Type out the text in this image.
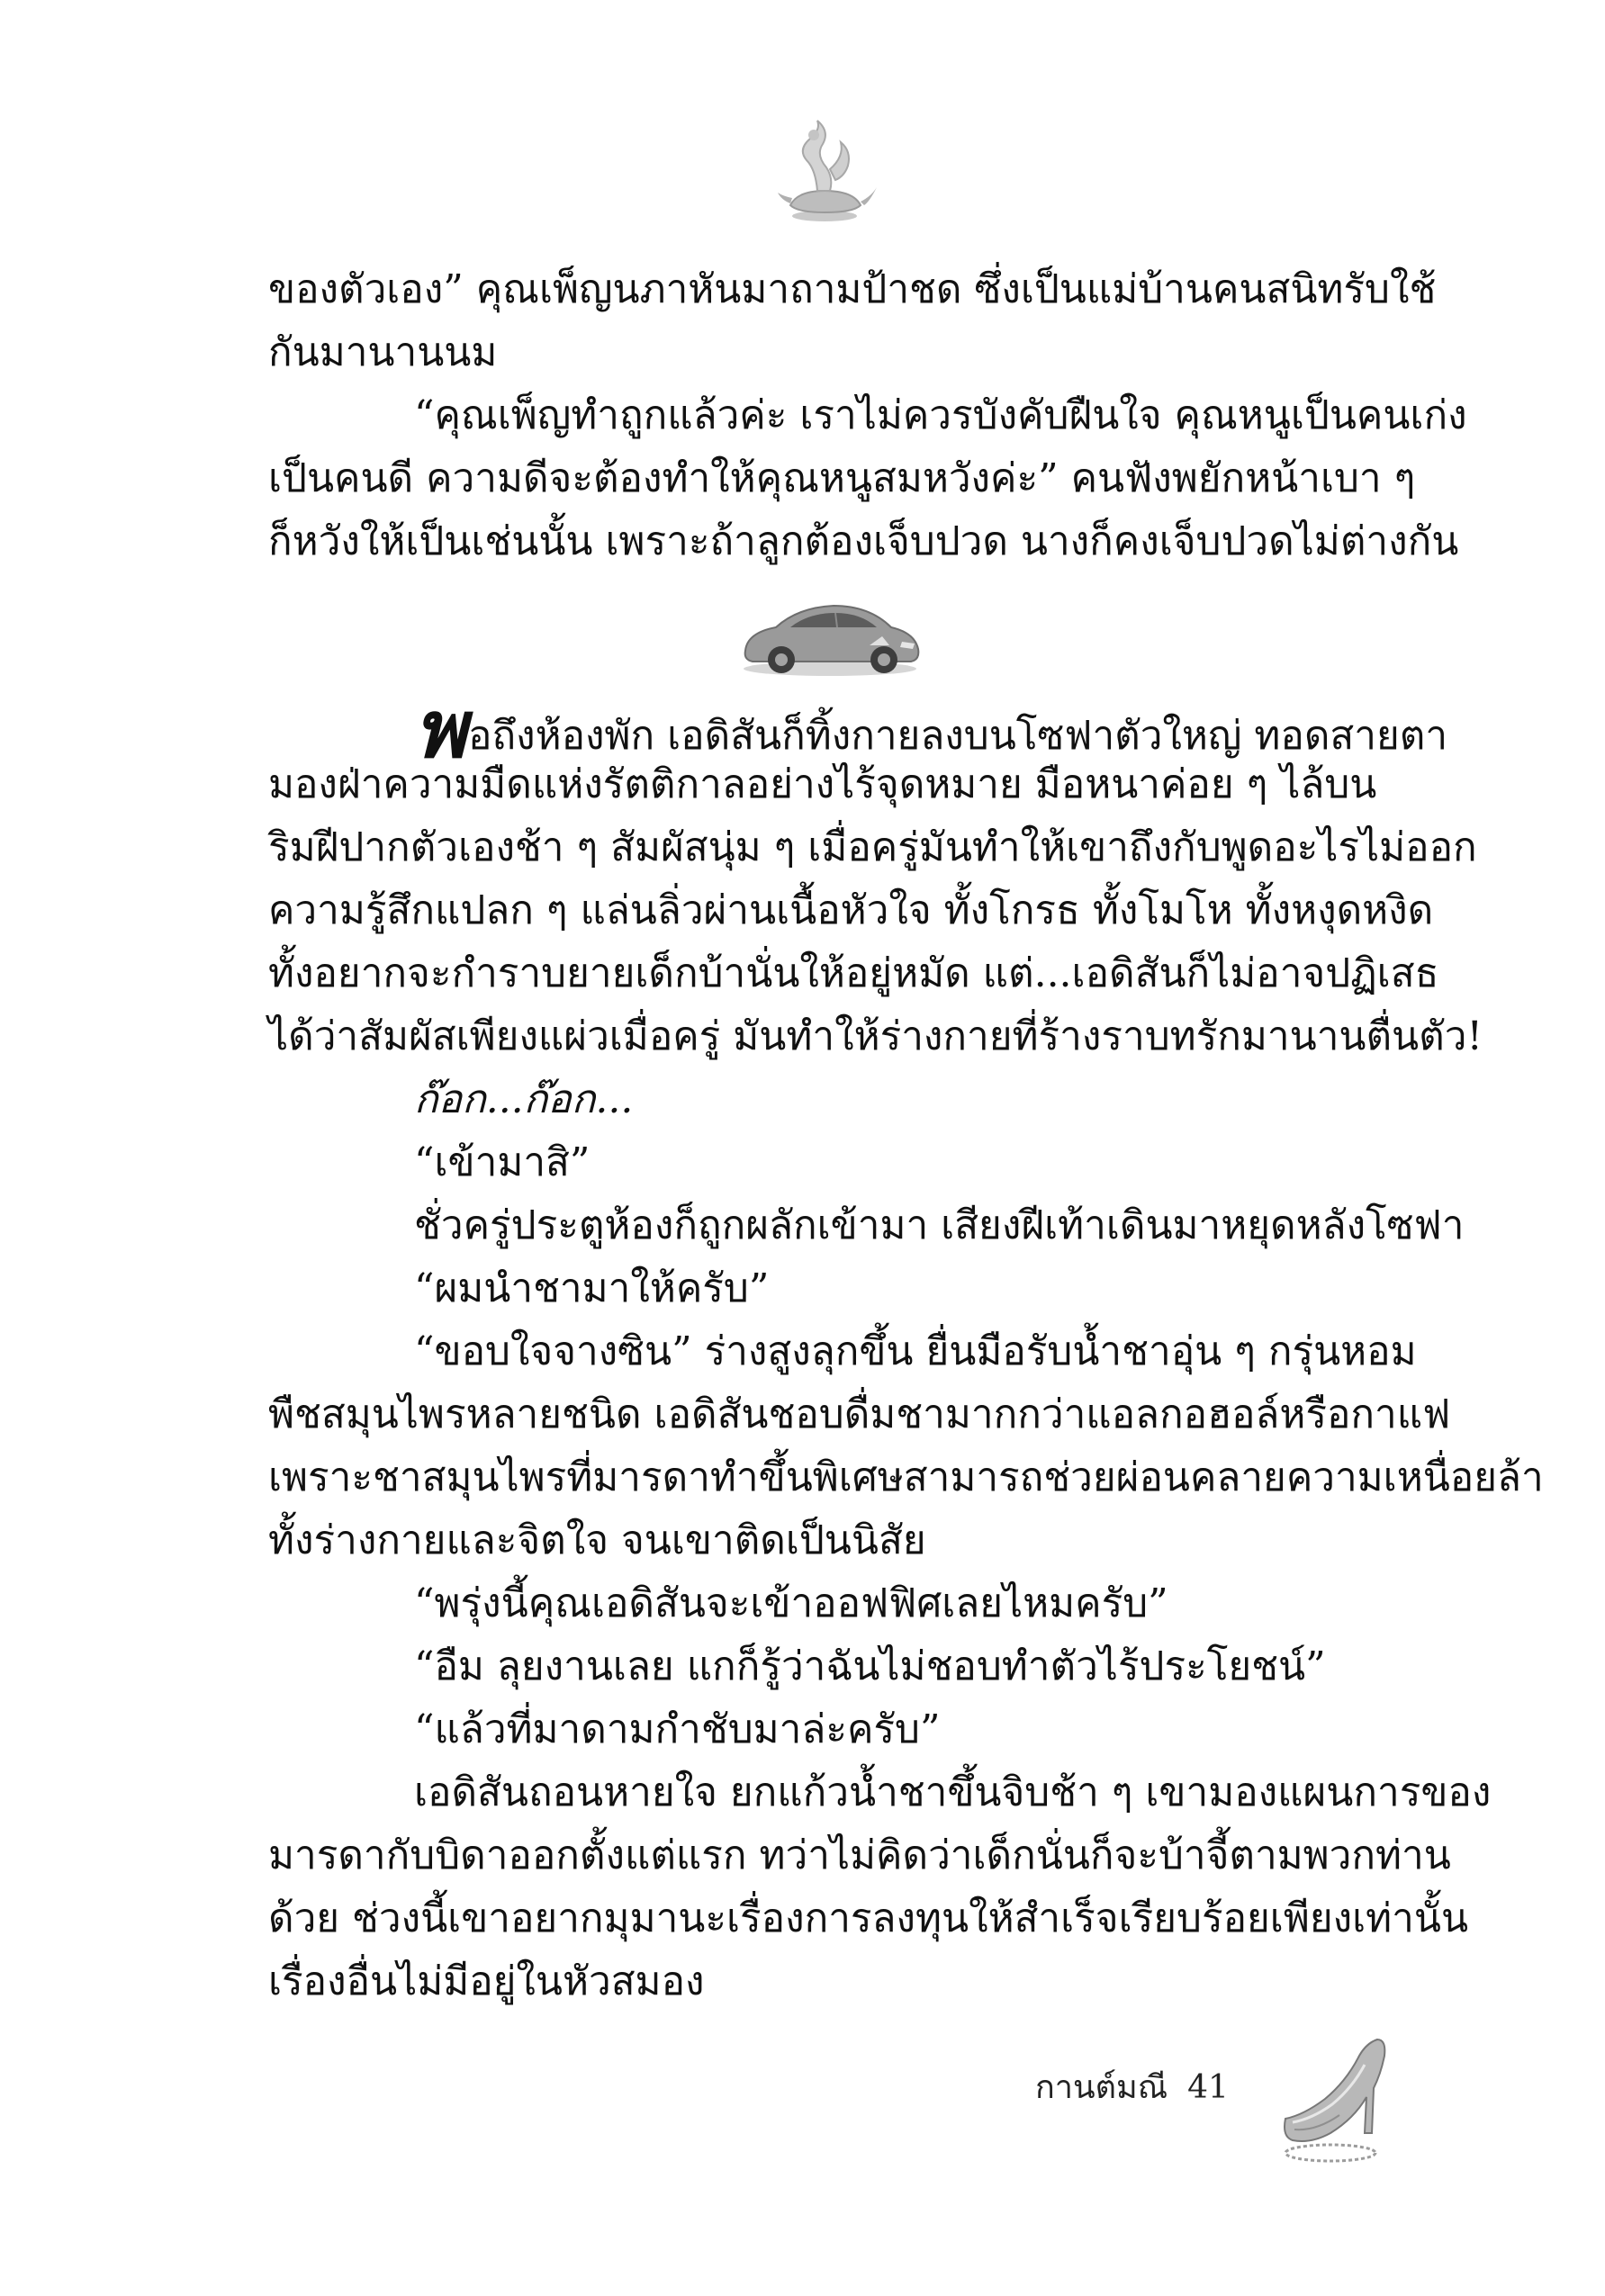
ของตัวเอง” คุณเพ็ญนภาหันมาถามป้าชด ซึ่งเป็นแม่บ้านคนสนิทรับใช้
กันมานานนม
“คุณเพ็ญทำถูกแล้วค่ะ เราไม่ควรบังคับฝืนใจ คุณหนูเป็นคนเก่ง
เป็นคนดี ความดีจะต้องทำให้คุณหนูสมหวังค่ะ” คนฟังพยักหน้าเบา ๆ
ก็หวังให้เป็นเช่นนั้น เพราะถ้าลูกต้องเจ็บปวด นางก็คงเจ็บปวดไม่ต่างกัน
พอถึงห้องพัก เอดิสันก็ทิ้งกายลงบนโซฟาตัวใหญ่ ทอดสายตา
มองฝ่าความมืดแห่งรัตติกาลอย่างไร้จุดหมาย มือหนาค่อย ๆ ไล้บน
ริมฝีปากตัวเองช้า ๆ สัมผัสนุ่ม ๆ เมื่อครู่มันทำให้เขาถึงกับพูดอะไรไม่ออก
ความรู้สึกแปลก ๆ แล่นลิ่วผ่านเนื้อหัวใจ ทั้งโกรธ ทั้งโมโห ทั้งหงุดหงิด
ทั้งอยากจะกำราบยายเด็กบ้านั่นให้อยู่หมัด แต่...เอดิสันก็ไม่อาจปฏิเสธ
ได้ว่าสัมผัสเพียงแผ่วเมื่อครู่ มันทำให้ร่างกายที่ร้างราบทรักมานานตื่นตัว!
ก๊อก...ก๊อก...
“เข้ามาสิ”
ชั่วครู่ประตูห้องก็ถูกผลักเข้ามา เสียงฝีเท้าเดินมาหยุดหลังโซฟา
“ผมนำชามาให้ครับ”
“ขอบใจจางซิน” ร่างสูงลุกขึ้น ยื่นมือรับน้ำชาอุ่น ๆ กรุ่นหอม
พืชสมุนไพรหลายชนิด เอดิสันชอบดื่มชามากกว่าแอลกอฮอล์หรือกาแฟ
เพราะชาสมุนไพรที่มารดาทำขึ้นพิเศษสามารถช่วยผ่อนคลายความเหนื่อยล้า
ทั้งร่างกายและจิตใจ จนเขาติดเป็นนิสัย
“พรุ่งนี้คุณเอดิสันจะเข้าออฟฟิศเลยไหมครับ”
“อืม ลุยงานเลย แกก็รู้ว่าฉันไม่ชอบทำตัวไร้ประโยชน์”
“แล้วที่มาดามกำชับมาล่ะครับ”
เอดิสันถอนหายใจ ยกแก้วน้ำชาขึ้นจิบช้า ๆ เขามองแผนการของ
มารดากับบิดาออกตั้งแต่แรก ทว่าไม่คิดว่าเด็กนั่นก็จะบ้าจี้ตามพวกท่าน
ด้วย ช่วงนี้เขาอยากมุมานะเรื่องการลงทุนให้สำเร็จเรียบร้อยเพียงเท่านั้น
เรื่องอื่นไม่มีอยู่ในหัวสมอง
กานต์มณี 41
